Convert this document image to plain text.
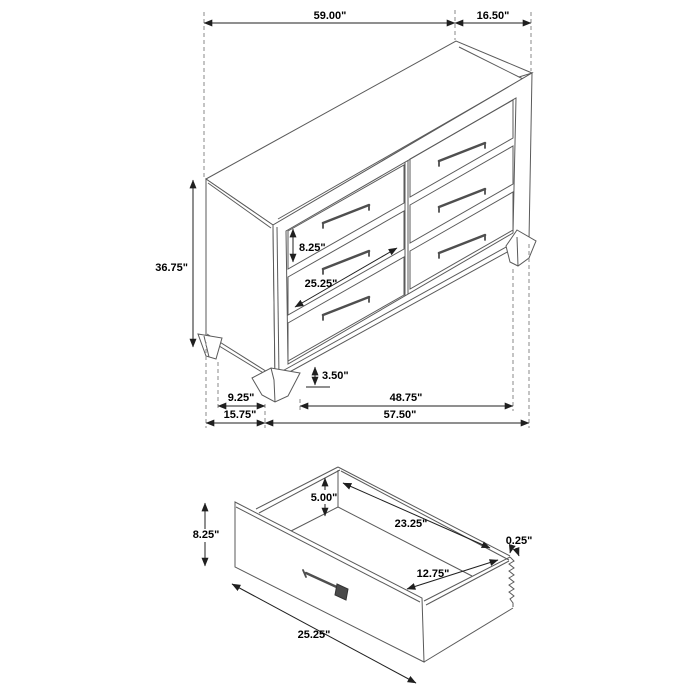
59.00"	16.50"
36.75"
8.25"
25.25"
3.50"
9.25"	48.75"
15.75"	57.50"
8.25"
5.00"
23.25"
0.25"
12.75"
25.25"
